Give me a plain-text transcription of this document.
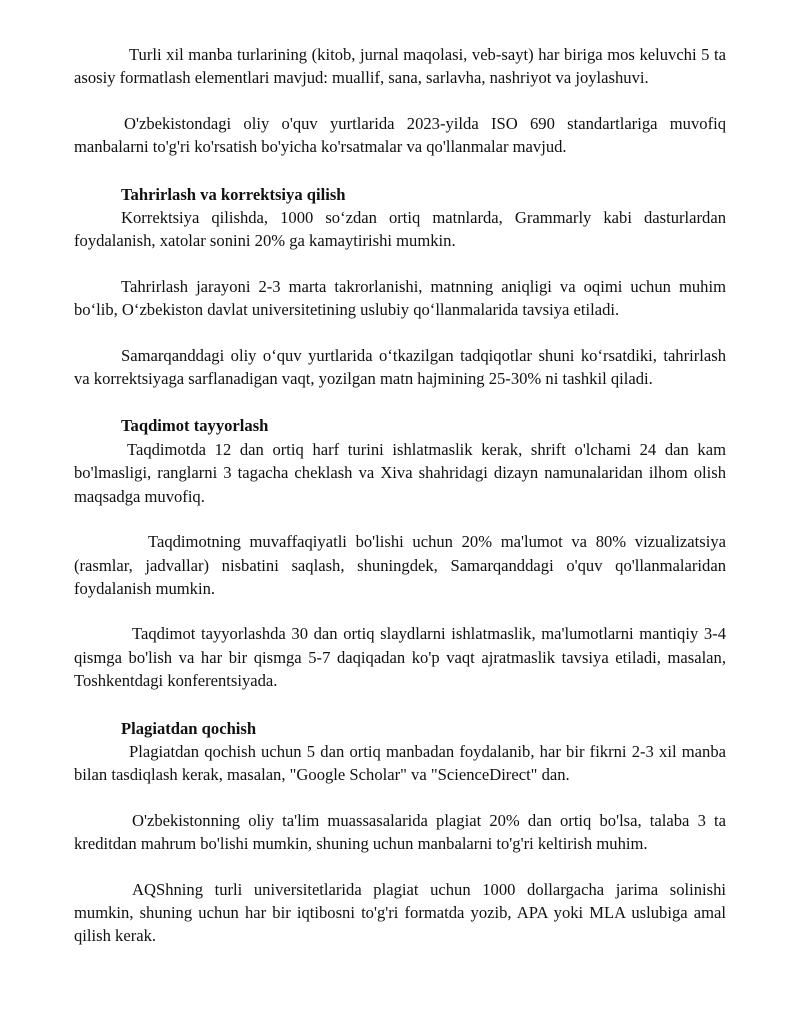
Turli xil manba turlarining (kitob, jurnal maqolasi, veb-sayt) har biriga mos keluvchi 5 ta asosiy formatlash elementlari mavjud: muallif, sana, sarlavha, nashriyot va joylashuvi.

O'zbekistondagi oliy o'quv yurtlarida 2023-yilda ISO 690 standartlariga muvofiq manbalarni to'g'ri ko'rsatish bo'yicha ko'rsatmalar va qo'llanmalar mavjud.

Tahrirlash va korrektsiya qilish

Korrektsiya qilishda, 1000 so‘zdan ortiq matnlarda, Grammarly kabi dasturlardan foydalanish, xatolar sonini 20% ga kamaytirishi mumkin.

Tahrirlash jarayoni 2-3 marta takrorlanishi, matnning aniqligi va oqimi uchun muhim bo‘lib, O‘zbekiston davlat universitetining uslubiy qo‘llanmalarida tavsiya etiladi.

Samarqanddagi oliy o‘quv yurtlarida o‘tkazilgan tadqiqotlar shuni ko‘rsatdiki, tahrirlash va korrektsiyaga sarflanadigan vaqt, yozilgan matn hajmining 25-30% ni tashkil qiladi.

Taqdimot tayyorlash

Taqdimotda 12 dan ortiq harf turini ishlatmaslik kerak, shrift o'lchami 24 dan kam bo'lmasligi, ranglarni 3 tagacha cheklash va Xiva shahridagi dizayn namunalaridan ilhom olish maqsadga muvofiq.

Taqdimotning muvaffaqiyatli bo'lishi uchun 20% ma'lumot va 80% vizualizatsiya (rasmlar, jadvallar) nisbatini saqlash, shuningdek, Samarqanddagi o'quv qo'llanmalaridan foydalanish mumkin.

Taqdimot tayyorlashda 30 dan ortiq slaydlarni ishlatmaslik, ma'lumotlarni mantiqiy 3-4 qismga bo'lish va har bir qismga 5-7 daqiqadan ko'p vaqt ajratmaslik tavsiya etiladi, masalan, Toshkentdagi konferentsiyada.

Plagiatdan qochish

Plagiatdan qochish uchun 5 dan ortiq manbadan foydalanib, har bir fikrni 2-3 xil manba bilan tasdiqlash kerak, masalan, "Google Scholar" va "ScienceDirect" dan.

O'zbekistonning oliy ta'lim muassasalarida plagiat 20% dan ortiq bo'lsa, talaba 3 ta kreditdan mahrum bo'lishi mumkin, shuning uchun manbalarni to'g'ri keltirish muhim.

AQShning turli universitetlarida plagiat uchun 1000 dollargacha jarima solinishi mumkin, shuning uchun har bir iqtibosni to'g'ri formatda yozib, APA yoki MLA uslubiga amal qilish kerak.
